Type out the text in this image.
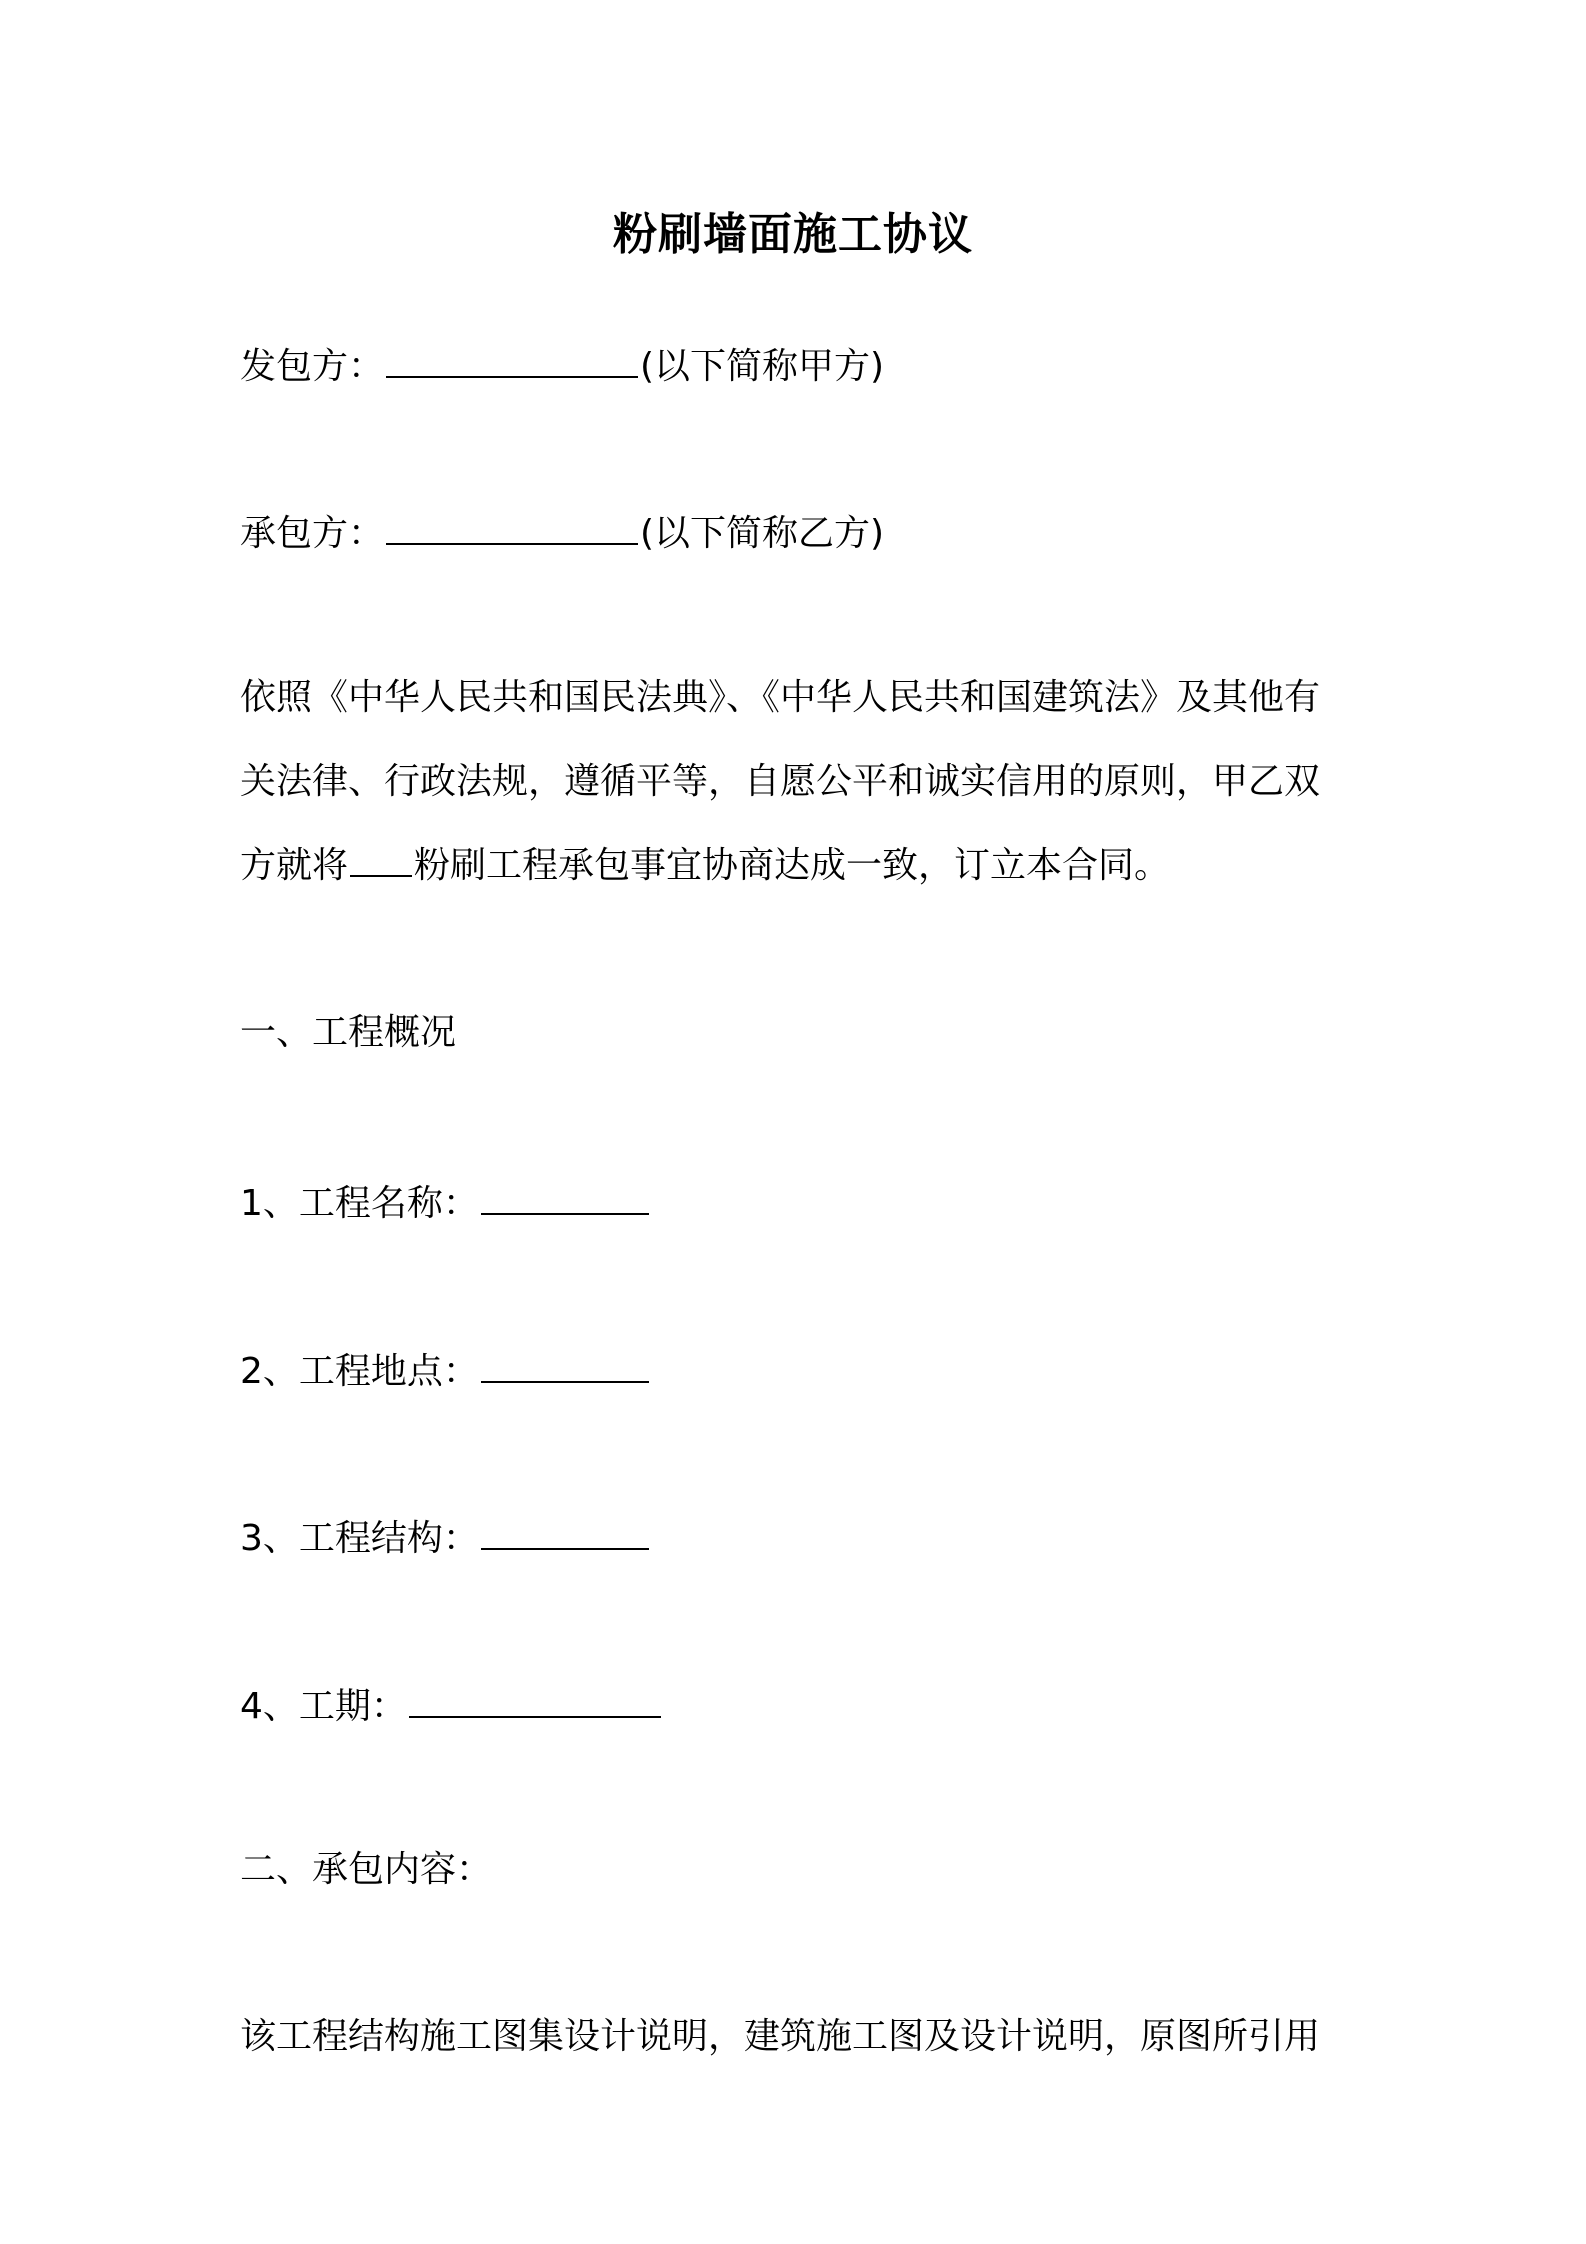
粉刷墙面施工协议
发包方：	(以下简称甲方)
承包方：	(以下简称乙方)
依照《中华人民共和国民法典》、《中华人民共和国建筑法》及其他有
关法律、行政法规，遵循平等，自愿公平和诚实信用的原则，甲乙双
方就将 粉刷工程承包事宜协商达成一致，订立本合同。
一、工程概况
1、工程名称：
2、工程地点：
3、工程结构：
4、工期：
二、承包内容：
该工程结构施工图集设计说明，建筑施工图及设计说明，原图所引用
